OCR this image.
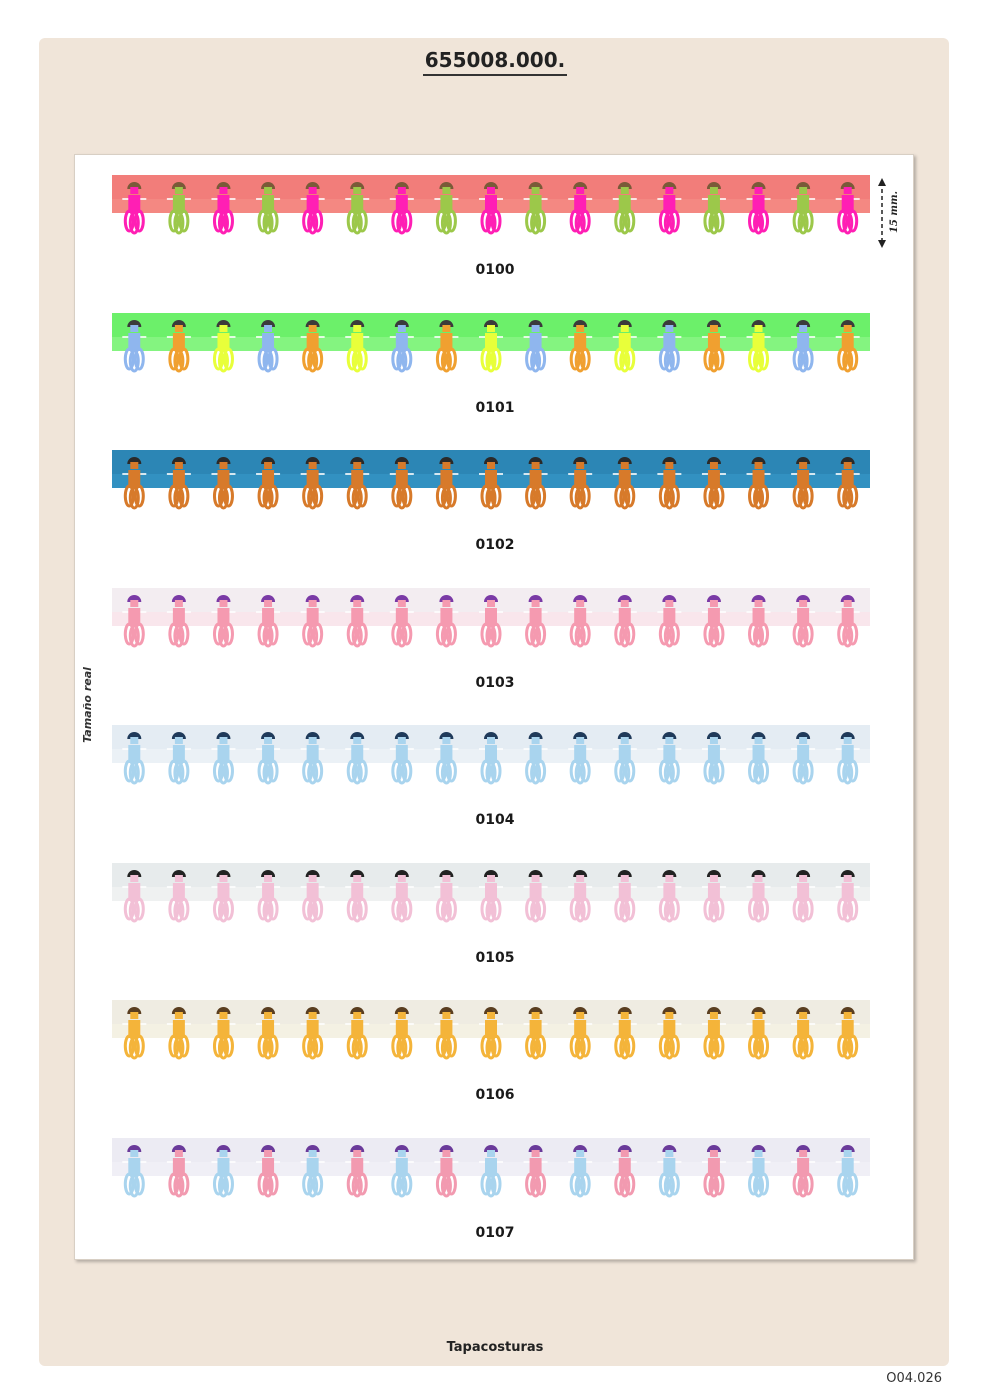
655008.000.
Tamaño real
15 mm.
0100
0101
0102
0103
0104
0105
0106
0107
Tapacosturas
O04.026
